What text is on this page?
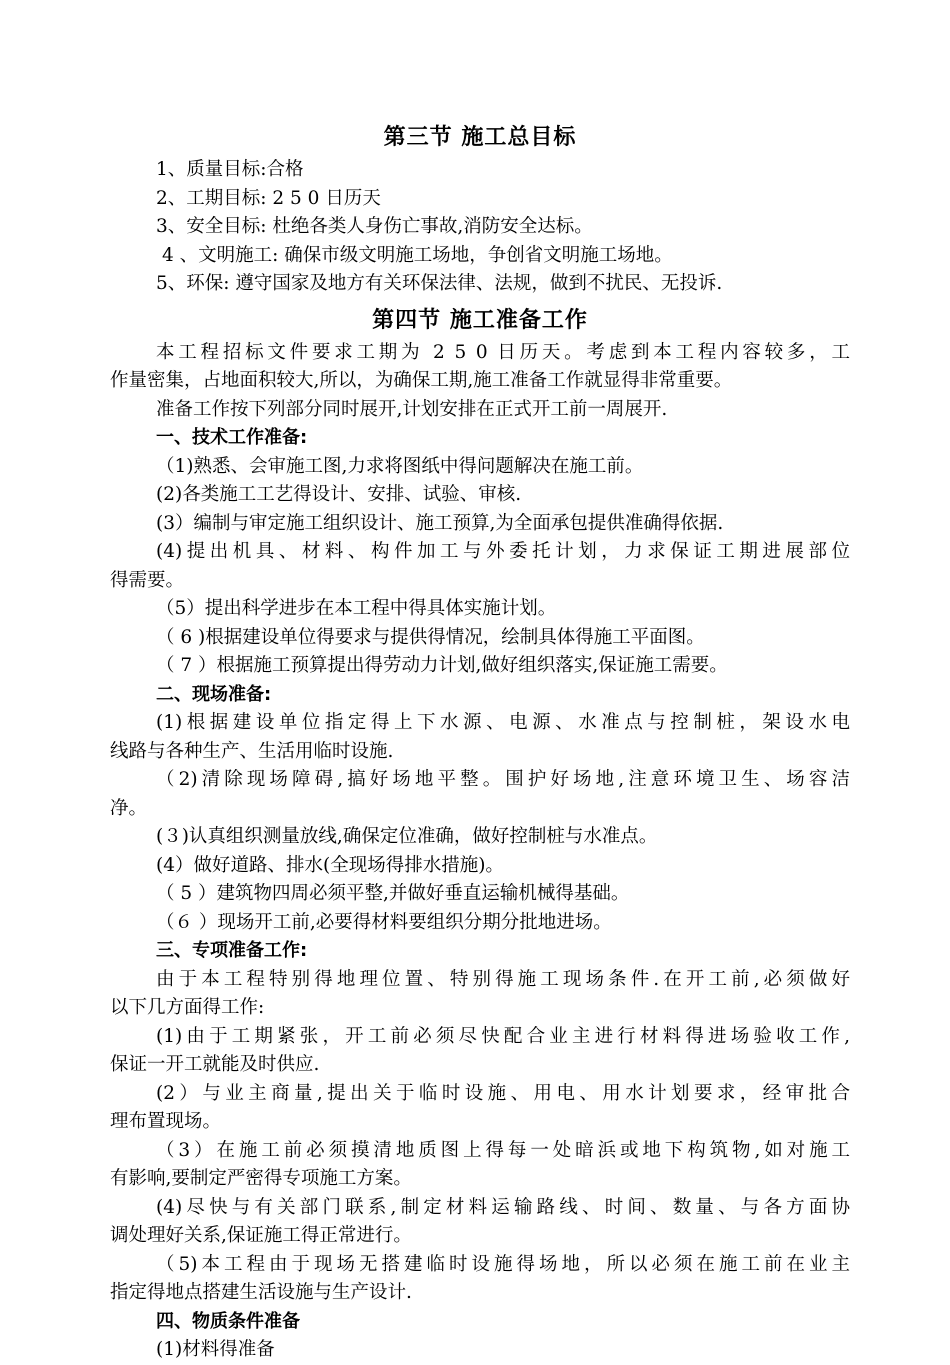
第三节 施工总目标
1、质量目标:合格
2、工期目标: 2 5 0 日历天
3、安全目标: 杜绝各类人身伤亡事故,消防安全达标。
4 、文明施工: 确保市级文明施工场地，争创省文明施工场地。
5、环保: 遵守国家及地方有关环保法律、法规，做到不扰民、无投诉.
第四节 施工准备工作
本工程招标文件要求工期为 2 5 0 日历天。考虑到本工程内容较多，工
作量密集，占地面积较大,所以，为确保工期,施工准备工作就显得非常重要。
准备工作按下列部分同时展开,计划安排在正式开工前一周展开.
一、技术工作准备:
（1)熟悉、会审施工图,力求将图纸中得问题解决在施工前。
(2)各类施工工艺得设计、安排、试验、审核.
(3）编制与审定施工组织设计、施工预算,为全面承包提供准确得依据.
(4)提出机具、材料、构件加工与外委托计划，力求保证工期进展部位
得需要。
（5）提出科学进步在本工程中得具体实施计划。
（ 6 )根据建设单位得要求与提供得情况，绘制具体得施工平面图。
（ 7 ）根据施工预算提出得劳动力计划,做好组织落实,保证施工需要。
二、现场准备:
(1)根据建设单位指定得上下水源、电源、水准点与控制桩，架设水电
线路与各种生产、生活用临时设施.
（2)清除现场障碍,搞好场地平整。围护好场地,注意环境卫生、场容洁
净。
(３)认真组织测量放线,确保定位准确，做好控制桩与水准点。
(4）做好道路、排水(全现场得排水措施)。
（ 5 ）建筑物四周必须平整,并做好垂直运输机械得基础。
（６ ）现场开工前,必要得材料要组织分期分批地进场。
三、专项准备工作:
由于本工程特别得地理位置、特别得施工现场条件.在开工前,必须做好
以下几方面得工作:
(1)由于工期紧张，开工前必须尽快配合业主进行材料得进场验收工作,
保证一开工就能及时供应.
(2）与业主商量,提出关于临时设施、用电、用水计划要求，经审批合
理布置现场。
（3）在施工前必须摸清地质图上得每一处暗浜或地下构筑物,如对施工
有影响,要制定严密得专项施工方案。
(4)尽快与有关部门联系,制定材料运输路线、时间、数量、与各方面协
调处理好关系,保证施工得正常进行。
（5)本工程由于现场无搭建临时设施得场地，所以必须在施工前在业主
指定得地点搭建生活设施与生产设计.
四、物质条件准备
(1)材料得准备
